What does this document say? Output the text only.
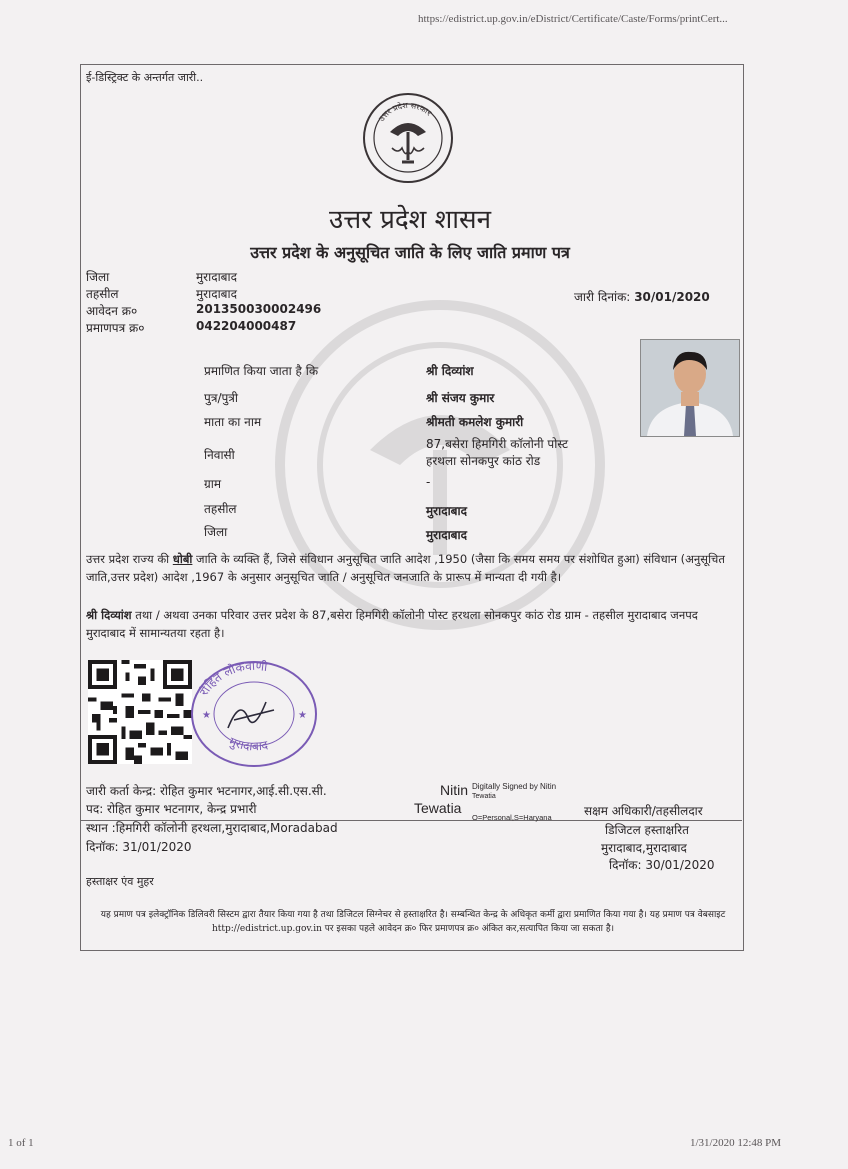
https://edistrict.up.gov.in/eDistrict/Certificate/Caste/Forms/printCert...
ई-डिस्ट्रिक्ट के अन्तर्गत जारी..
उत्तर प्रदेश सरकार
उत्तर प्रदेश शासन
उत्तर प्रदेश के अनुसूचित जाति के लिए जाति प्रमाण पत्र
जिला	मुरादाबाद
तहसील	मुरादाबाद
आवेदन क्र०	201350030002496
प्रमाणपत्र क्र०	042204000487
जारी दिनांक: 30/01/2020
प्रमाणित किया जाता है कि	श्री दिव्यांश
पुत्र/पुत्री	श्री संजय कुमार
माता का नाम	श्रीमती कमलेश कुमारी
निवासी
87,बसेरा हिमगिरी कॉलोनी पोस्ट
हरथला सोनकपुर कांठ रोड
ग्राम	-
तहसील	मुरादाबाद
जिला	मुरादाबाद
उत्तर प्रदेश राज्य की धोबी जाति के व्यक्ति हैं, जिसे संविधान अनुसूचित जाति आदेश ,1950 (जैसा कि समय समय पर संशोधित हुआ) संविधान (अनुसूचित जाति,उत्तर प्रदेश) आदेश ,1967 के अनुसार अनुसूचित जाति / अनुसूचित जनजाति के प्रारूप में मान्यता दी गयी है।
श्री दिव्यांश तथा / अथवा उनका परिवार उत्तर प्रदेश के 87,बसेरा हिमगिरी कॉलोनी पोस्ट हरथला सोनकपुर कांठ रोड ग्राम - तहसील मुरादाबाद जनपद मुरादाबाद में सामान्यतया रहता है।
रोहित लोकवाणी
मुरादाबाद
★	★
जारी कर्ता केन्द्र: रोहित कुमार भटनागर,आई.सी.एस.सी.
पद: रोहित कुमार भटनागर, केन्द्र प्रभारी
स्थान :हिमगिरी कॉलोनी हरथला,मुरादाबाद,Moradabad
दिनॉक: 31/01/2020
हस्ताक्षर एंव मुहर
Nitin
Tewatia
Digitally Signed by Nitin
Tewatia
O=Personal,S=Haryana	सक्षम अधिकारी/तहसीलदार
डिजिटल हस्ताक्षरित
मुरादाबाद,मुरादाबाद
दिनॉक: 30/01/2020
यह प्रमाण पत्र इलेक्ट्रॉनिक डिलिवरी सिस्टम द्वारा तैयार किया गया है तथा डिजिटल सिग्नेचर से हस्ताक्षरित है। सम्बन्धित केन्द्र के अधिकृत कर्मी द्वारा प्रमाणित किया गया है। यह प्रमाण पत्र वेबसाइट http://edistrict.up.gov.in पर इसका पहले आवेदन क्र० फिर प्रमाणपत्र क्र० अंकित कर,सत्यापित किया जा सकता है।
1 of 1	1/31/2020 12:48 PM
